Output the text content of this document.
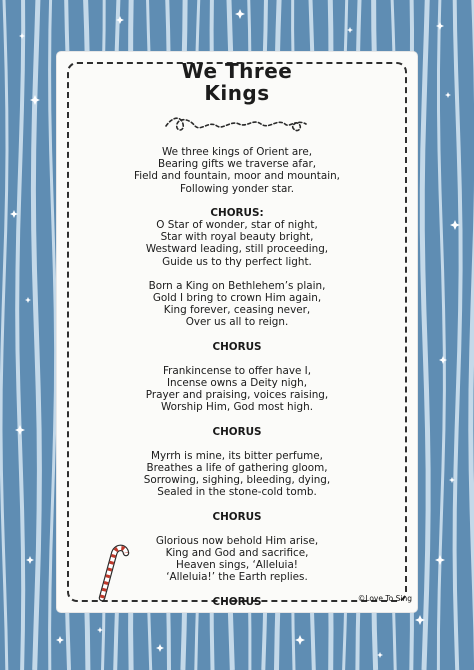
We Three
Kings
We three kings of Orient are,
Bearing gifts we traverse afar,
Field and fountain, moor and mountain,
Following yonder star.
CHORUS:
O Star of wonder, star of night,
Star with royal beauty bright,
Westward leading, still proceeding,
Guide us to thy perfect light.
Born a King on Bethlehem’s plain,
Gold I bring to crown Him again,
King forever, ceasing never,
Over us all to reign.
CHORUS
Frankincense to offer have I,
Incense owns a Deity nigh,
Prayer and praising, voices raising,
Worship Him, God most high.
CHORUS
Myrrh is mine, its bitter perfume,
Breathes a life of gathering gloom,
Sorrowing, sighing, bleeding, dying,
Sealed in the stone-cold tomb.
CHORUS
Glorious now behold Him arise,
King and God and sacrifice,
Heaven sings, ‘Alleluia!
‘Alleluia!’ the Earth replies.
CHORUS	©Love To Sing
